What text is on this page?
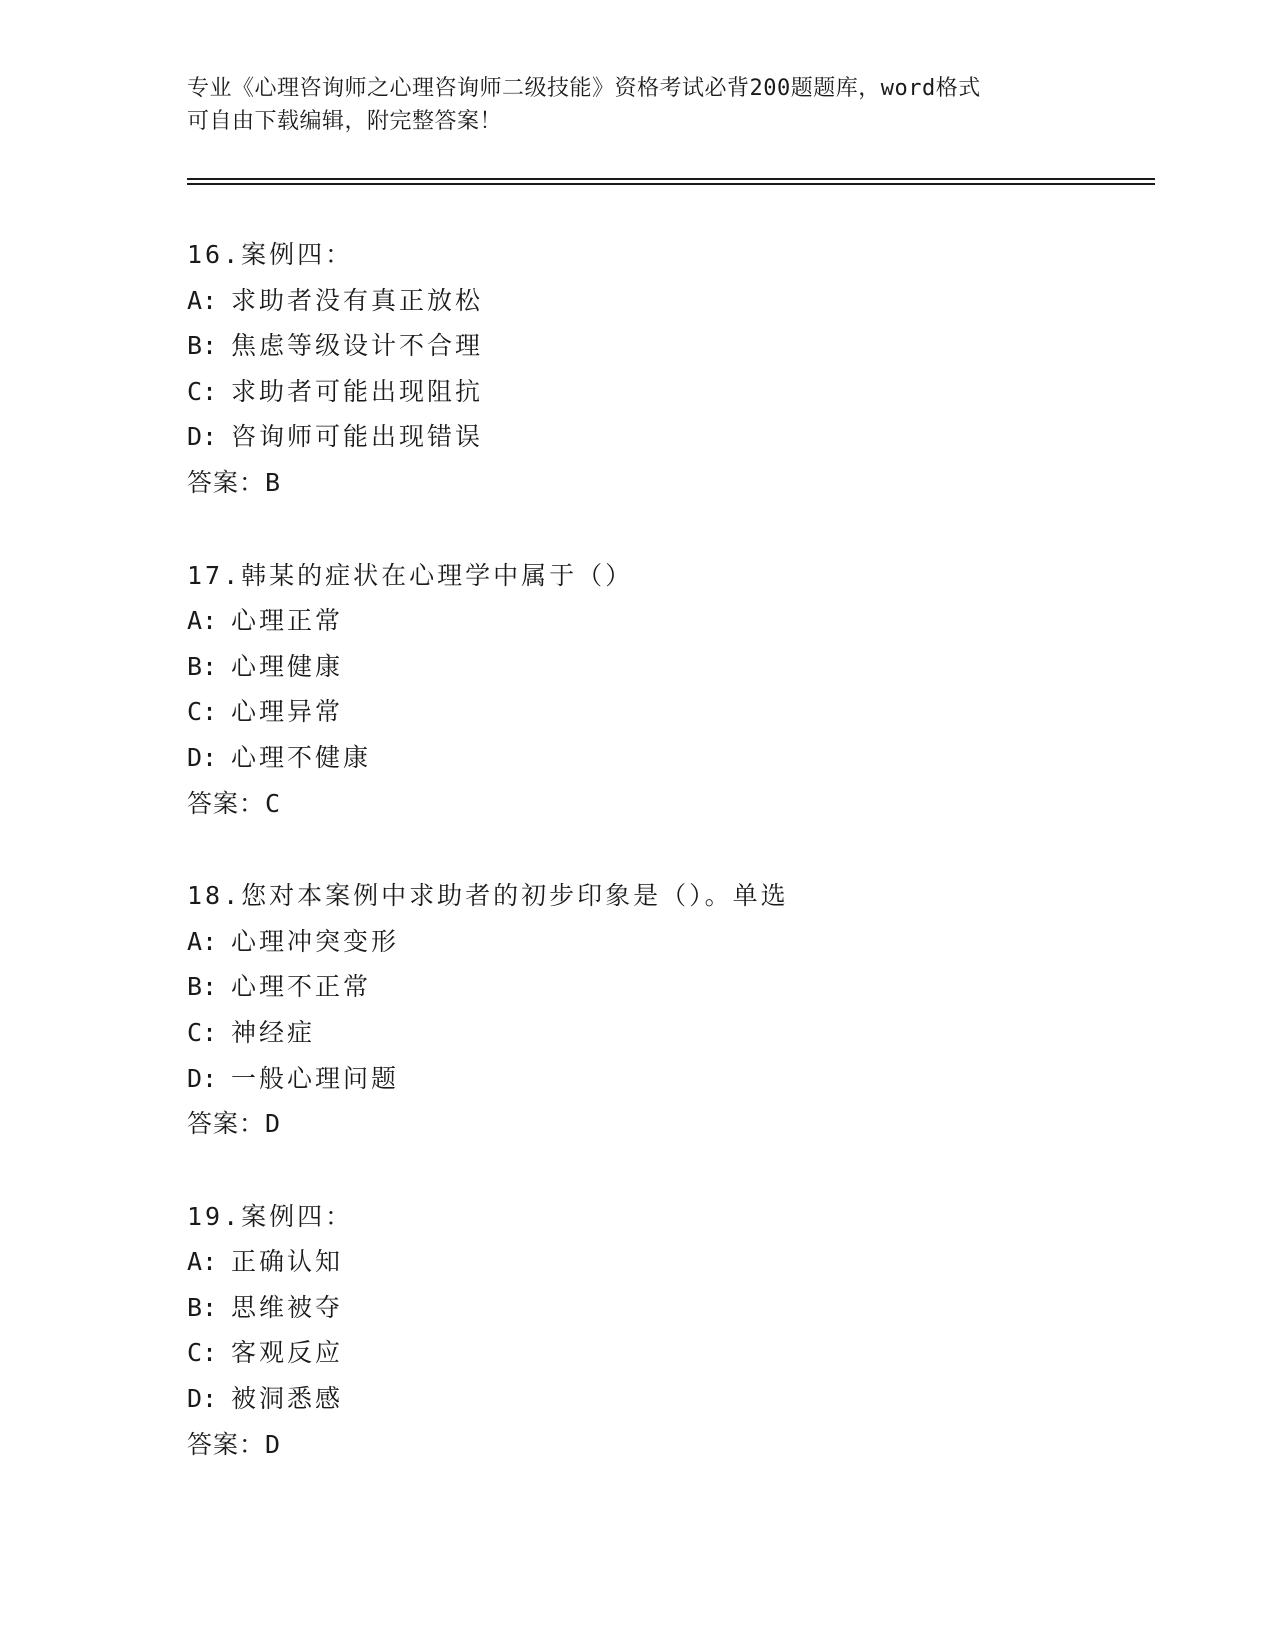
专业《心理咨询师之心理咨询师二级技能》资格考试必背200题题库，word格式
可自由下载编辑，附完整答案！
16.案例四：
A: 求助者没有真正放松
B: 焦虑等级设计不合理
C: 求助者可能出现阻抗
D: 咨询师可能出现错误
答案：B
17.韩某的症状在心理学中属于（）
A: 心理正常
B: 心理健康
C: 心理异常
D: 心理不健康
答案：C
18.您对本案例中求助者的初步印象是（）。单选
A: 心理冲突变形
B: 心理不正常
C: 神经症
D: 一般心理问题
答案：D
19.案例四：
A: 正确认知
B: 思维被夺
C: 客观反应
D: 被洞悉感
答案：D
